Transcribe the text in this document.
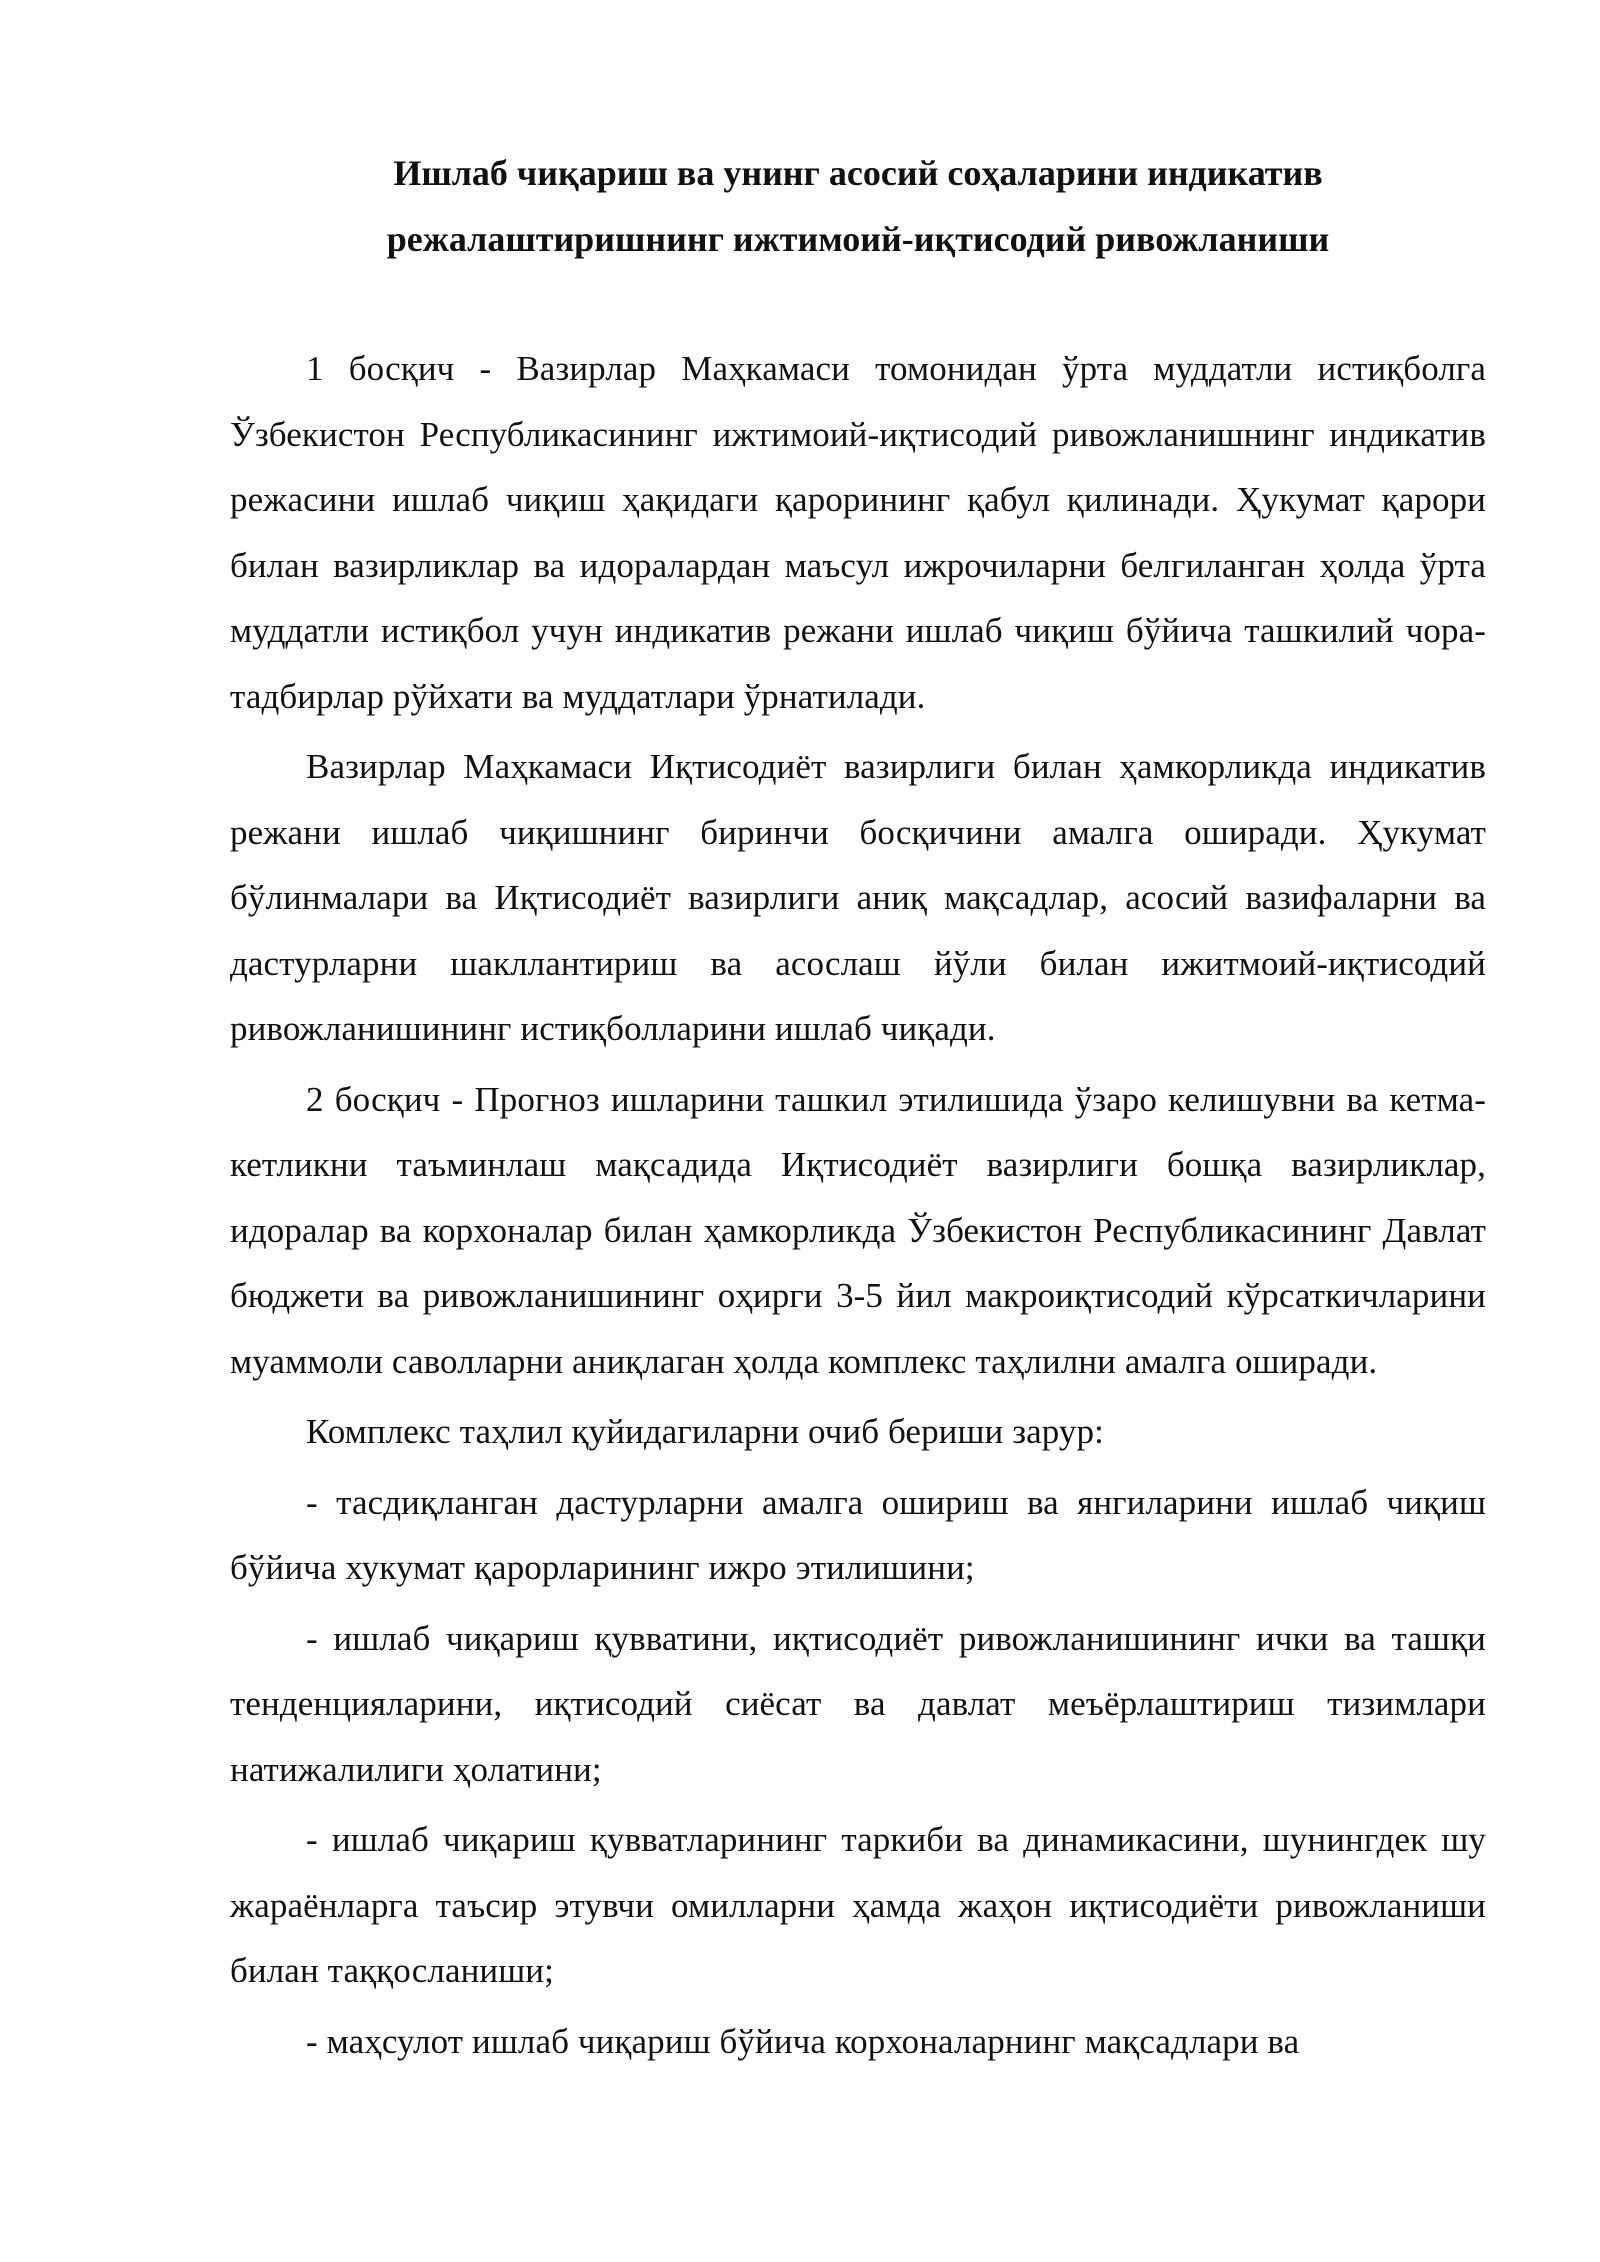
Ишлаб чиқариш ва унинг асосий соҳаларини индикатив
режалаштиришнинг ижтимоий-иқтисодий ривожланиши

1 босқич - Вазирлар Маҳкамаси томонидан ўрта муддатли истиқболга Ўзбекистон Республикасининг ижтимоий-иқтисодий ривожланишнинг индикатив режасини ишлаб чиқиш ҳақидаги қарорининг қабул қилинади. Ҳукумат қарори билан вазирликлар ва идоралардан маъсул ижрочиларни белгиланган ҳолда ўрта муддатли истиқбол учун индикатив режани ишлаб чиқиш бўйича ташкилий чора-тадбирлар рўйхати ва муддатлари ўрнатилади.

Вазирлар Маҳкамаси Иқтисодиёт вазирлиги билан ҳамкорликда индикатив режани ишлаб чиқишнинг биринчи босқичини амалга оширади. Ҳукумат бўлинмалари ва Иқтисодиёт вазирлиги аниқ мақсадлар, асосий вазифаларни ва дастурларни шакллантириш ва асослаш йўли билан ижитмоий-иқтисодий ривожланишининг истиқболларини ишлаб чиқади.

2 босқич - Прогноз ишларини ташкил этилишида ўзаро келишувни ва кетма-кетликни таъминлаш мақсадида Иқтисодиёт вазирлиги бошқа вазирликлар, идоралар ва корхоналар билан ҳамкорликда Ўзбекистон Республикасининг Давлат бюджети ва ривожланишининг оҳирги 3-5 йил макроиқтисодий кўрсаткичларини муаммоли саволларни аниқлаган ҳолда комплекс таҳлилни амалга оширади.

Комплекс таҳлил қуйидагиларни очиб бериши зарур:

- тасдиқланган дастурларни амалга ошириш ва янгиларини ишлаб чиқиш бўйича хукумат қарорларининг ижро этилишини;

- ишлаб чиқариш қувватини, иқтисодиёт ривожланишининг ички ва ташқи тенденцияларини, иқтисодий сиёсат ва давлат меъёрлаштириш тизимлари натижалилиги ҳолатини;

- ишлаб чиқариш қувватларининг таркиби ва динамикасини, шунингдек шу жараёнларга таъсир этувчи омилларни ҳамда жаҳон иқтисодиёти ривожланиши билан таққосланиши;

- маҳсулот ишлаб чиқариш бўйича корхоналарнинг мақсадлари ва
